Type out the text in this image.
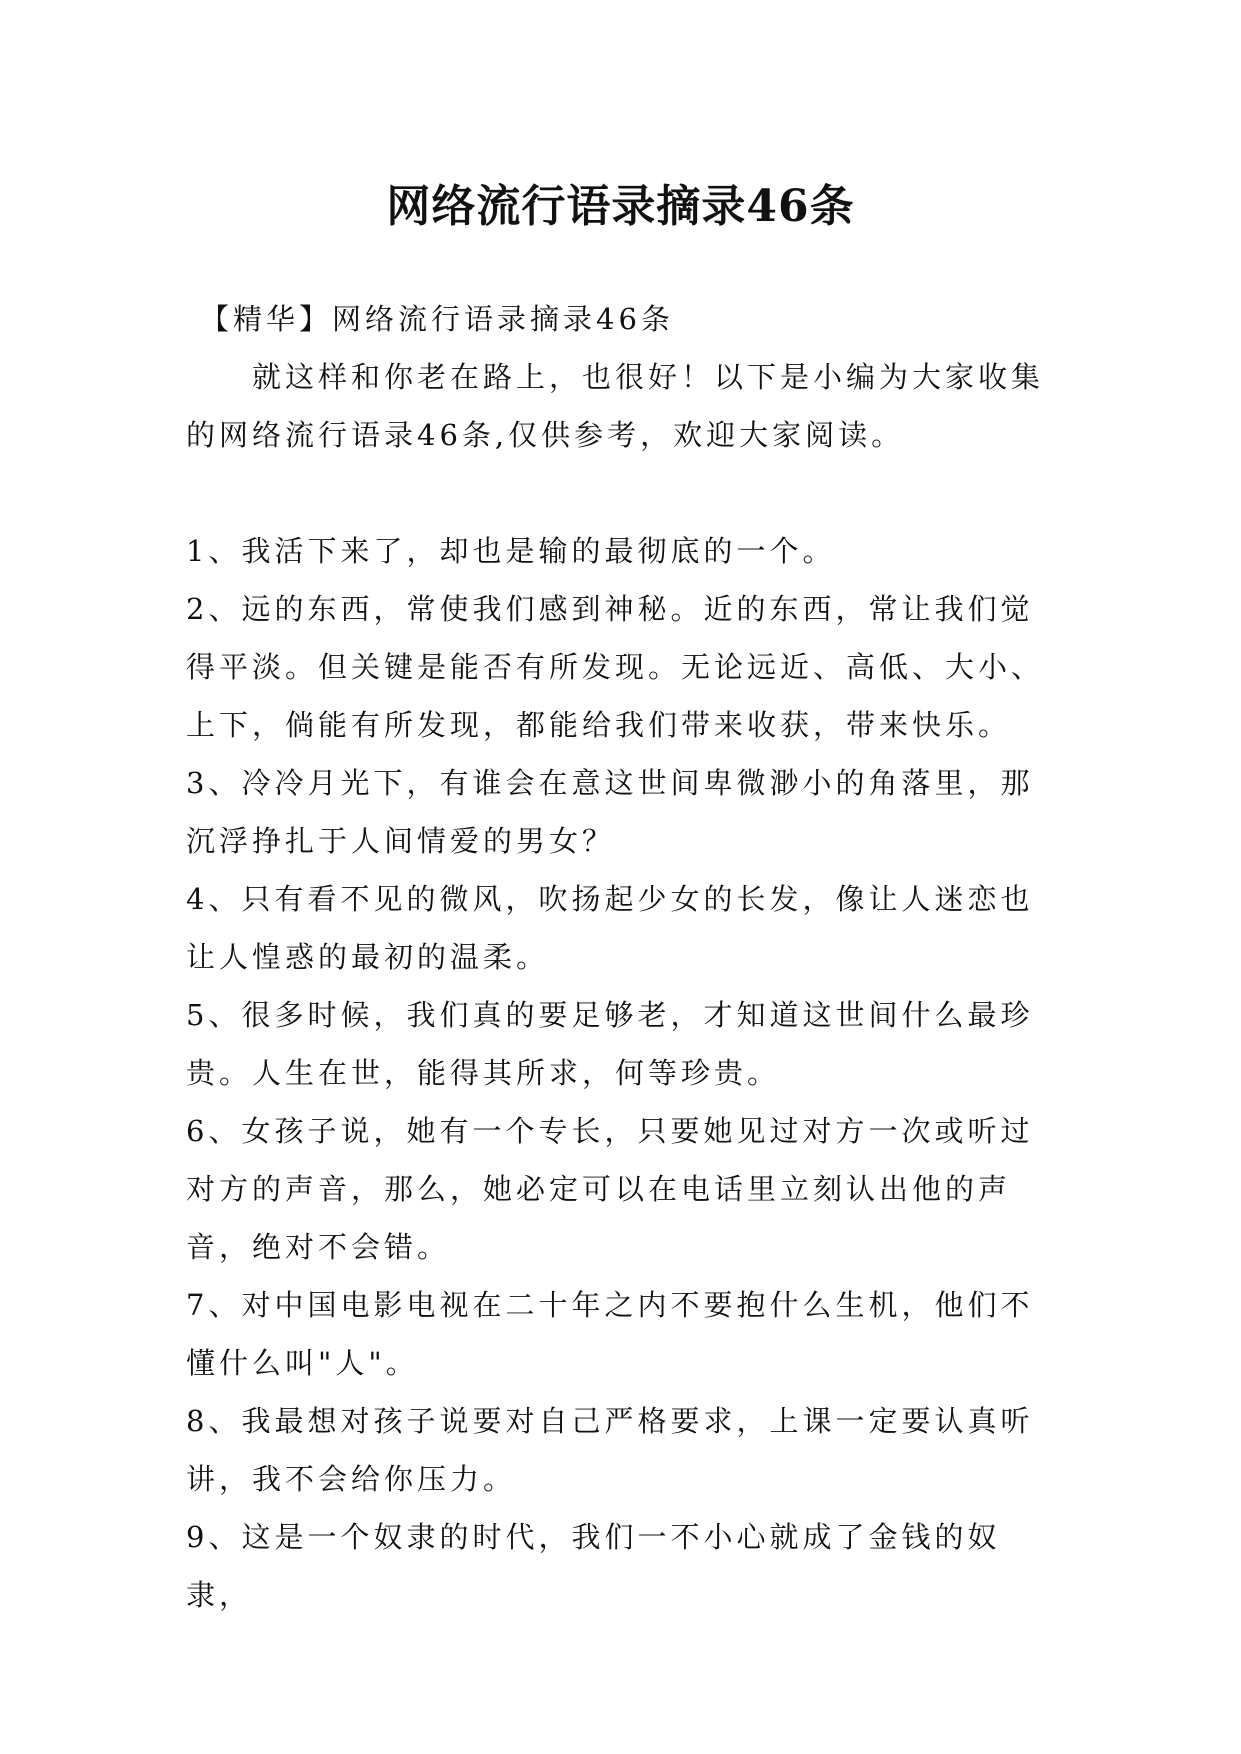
网络流行语录摘录46条

【精华】网络流行语录摘录46条

就这样和你老在路上，也很好！以下是小编为大家收集的网络流行语录46条,仅供参考，欢迎大家阅读。

1、我活下来了，却也是输的最彻底的一个。

2、远的东西，常使我们感到神秘。近的东西，常让我们觉得平淡。但关键是能否有所发现。无论远近、高低、大小、上下，倘能有所发现，都能给我们带来收获，带来快乐。

3、冷冷月光下，有谁会在意这世间卑微渺小的角落里，那沉浮挣扎于人间情爱的男女？

4、只有看不见的微风，吹扬起少女的长发，像让人迷恋也让人惶惑的最初的温柔。

5、很多时候，我们真的要足够老，才知道这世间什么最珍贵。人生在世，能得其所求，何等珍贵。

6、女孩子说，她有一个专长，只要她见过对方一次或听过对方的声音，那么，她必定可以在电话里立刻认出他的声音，绝对不会错。

7、对中国电影电视在二十年之内不要抱什么生机，他们不懂什么叫"人"。

8、我最想对孩子说要对自己严格要求，上课一定要认真听讲，我不会给你压力。

9、这是一个奴隶的时代，我们一不小心就成了金钱的奴隶，
